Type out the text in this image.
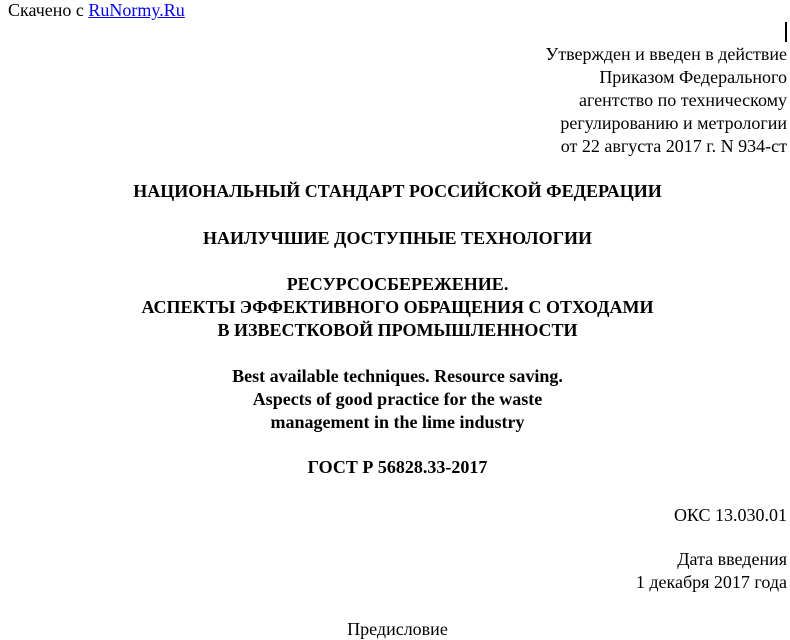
Скачено с RuNormy.Ru
Утвержден и введен в действие
Приказом Федерального
агентство по техническому
регулированию и метрологии
от 22 августа 2017 г. N 934-ст
НАЦИОНАЛЬНЫЙ СТАНДАРТ РОССИЙСКОЙ ФЕДЕРАЦИИ
НАИЛУЧШИЕ ДОСТУПНЫЕ ТЕХНОЛОГИИ
РЕСУРСОСБЕРЕЖЕНИЕ.
АСПЕКТЫ ЭФФЕКТИВНОГО ОБРАЩЕНИЯ С ОТХОДАМИ
В ИЗВЕСТКОВОЙ ПРОМЫШЛЕННОСТИ
Best available techniques. Resource saving.
Aspects of good practice for the waste
management in the lime industry
ГОСТ Р 56828.33-2017
ОКС 13.030.01
Дата введения
1 декабря 2017 года
Предисловие
